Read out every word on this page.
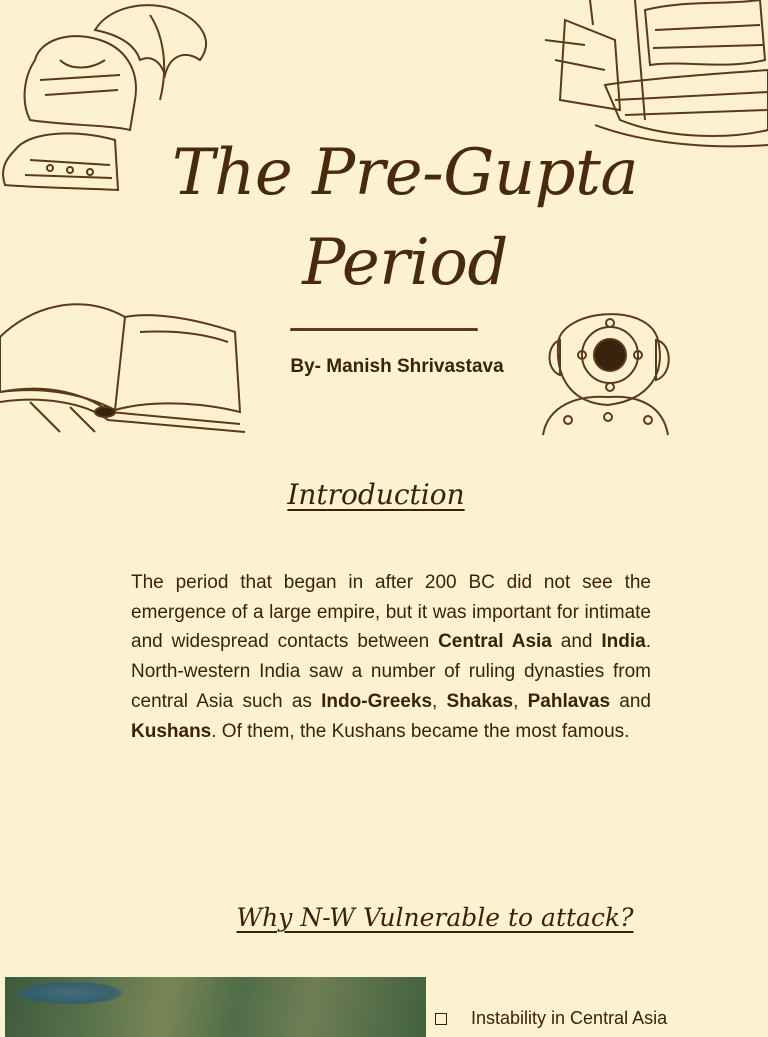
The Pre-Gupta Period
By- Manish Shrivastava
Introduction
The period that began in after 200 BC did not see the emergence of a large empire, but it was important for intimate and widespread contacts between Central Asia and India. North-western India saw a number of ruling dynasties from central Asia such as Indo-Greeks, Shakas, Pahlavas and Kushans. Of them, the Kushans became the most famous.
Why N-W Vulnerable to attack?
Instability in Central Asia
